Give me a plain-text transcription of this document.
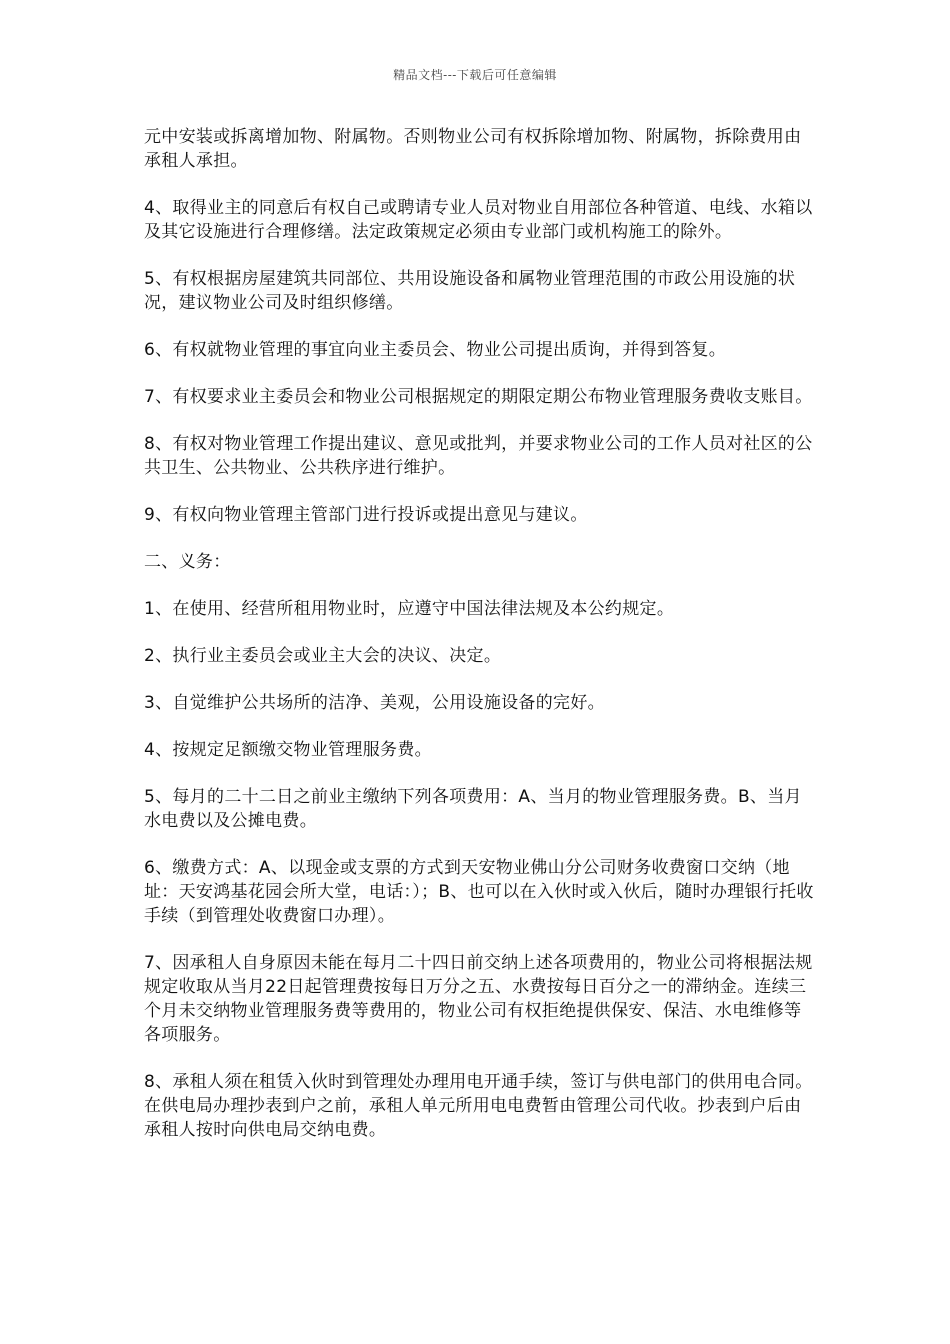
精品文档---下载后可任意编辑

元中安装或拆离增加物、附属物。否则物业公司有权拆除增加物、附属物，拆除费用由承租人承担。

4、取得业主的同意后有权自己或聘请专业人员对物业自用部位各种管道、电线、水箱以及其它设施进行合理修缮。法定政策规定必须由专业部门或机构施工的除外。

5、有权根据房屋建筑共同部位、共用设施设备和属物业管理范围的市政公用设施的状况，建议物业公司及时组织修缮。

6、有权就物业管理的事宜向业主委员会、物业公司提出质询，并得到答复。

7、有权要求业主委员会和物业公司根据规定的期限定期公布物业管理服务费收支账目。

8、有权对物业管理工作提出建议、意见或批判，并要求物业公司的工作人员对社区的公共卫生、公共物业、公共秩序进行维护。

9、有权向物业管理主管部门进行投诉或提出意见与建议。

二、义务：

1、在使用、经营所租用物业时，应遵守中国法律法规及本公约规定。

2、执行业主委员会或业主大会的决议、决定。

3、自觉维护公共场所的洁净、美观，公用设施设备的完好。

4、按规定足额缴交物业管理服务费。

5、每月的二十二日之前业主缴纳下列各项费用：A、当月的物业管理服务费。B、当月水电费以及公摊电费。

6、缴费方式：A、以现金或支票的方式到天安物业佛山分公司财务收费窗口交纳（地址：天安鸿基花园会所大堂，电话：）；B、也可以在入伙时或入伙后，随时办理银行托收手续（到管理处收费窗口办理）。

7、因承租人自身原因未能在每月二十四日前交纳上述各项费用的，物业公司将根据法规规定收取从当月22日起管理费按每日万分之五、水费按每日百分之一的滞纳金。连续三个月未交纳物业管理服务费等费用的，物业公司有权拒绝提供保安、保洁、水电维修等各项服务。

8、承租人须在租赁入伙时到管理处办理用电开通手续，签订与供电部门的供用电合同。在供电局办理抄表到户之前，承租人单元所用电电费暂由管理公司代收。抄表到户后由承租人按时向供电局交纳电费。
